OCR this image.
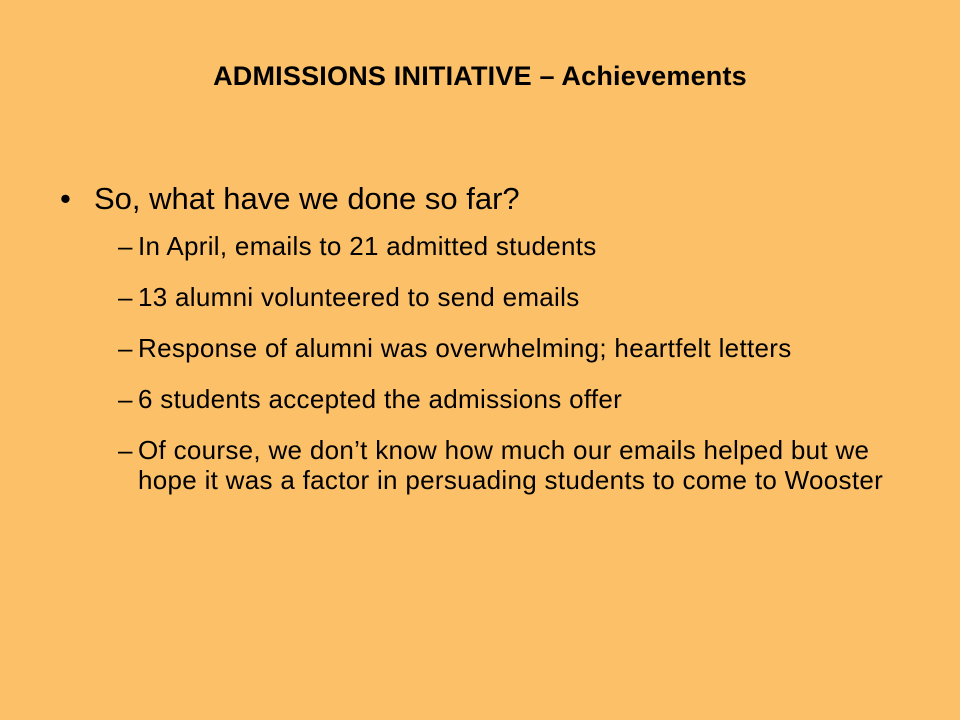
ADMISSIONS INITIATIVE – Achievements
• So, what have we done so far?
– In April, emails to 21 admitted students
– 13 alumni volunteered to send emails
– Response of alumni was overwhelming; heartfelt letters
– 6 students accepted the admissions offer
– Of course, we don’t know how much our emails helped but we hope it was a factor in persuading students to come to Wooster
